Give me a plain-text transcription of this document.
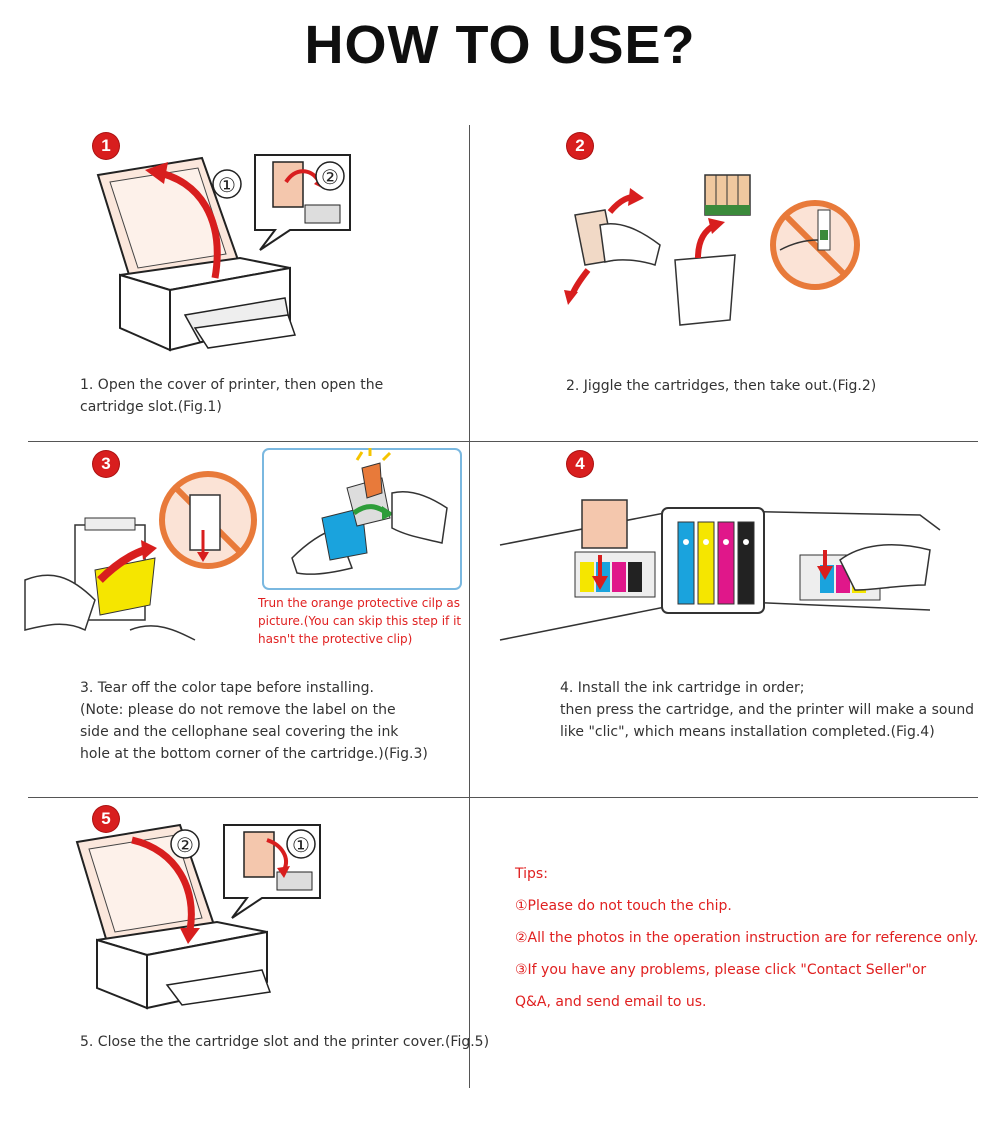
HOW TO USE?
1
①	②
1. Open the cover of printer, then open the
cartridge slot.(Fig.1)
2
2. Jiggle the cartridges, then take out.(Fig.2)
3
Trun the orange protective cilp as
picture.(You can skip this step if it
hasn't the protective clip)
3. Tear off the color tape before installing.
(Note: please do not remove the label on the
side and the cellophane seal covering the ink
hole at the bottom corner of the cartridge.)(Fig.3)
4
4. Install the ink cartridge in order;
then press the cartridge, and the printer will make a sound
like "clic", which means installation completed.(Fig.4)
5
②	①
5. Close the the cartridge slot and the printer cover.(Fig.5)
Tips:
①Please do not touch the chip.
②All the photos in the operation instruction are for reference only.
③If you have any problems, please click "Contact Seller"or
Q&A, and send email to us.
